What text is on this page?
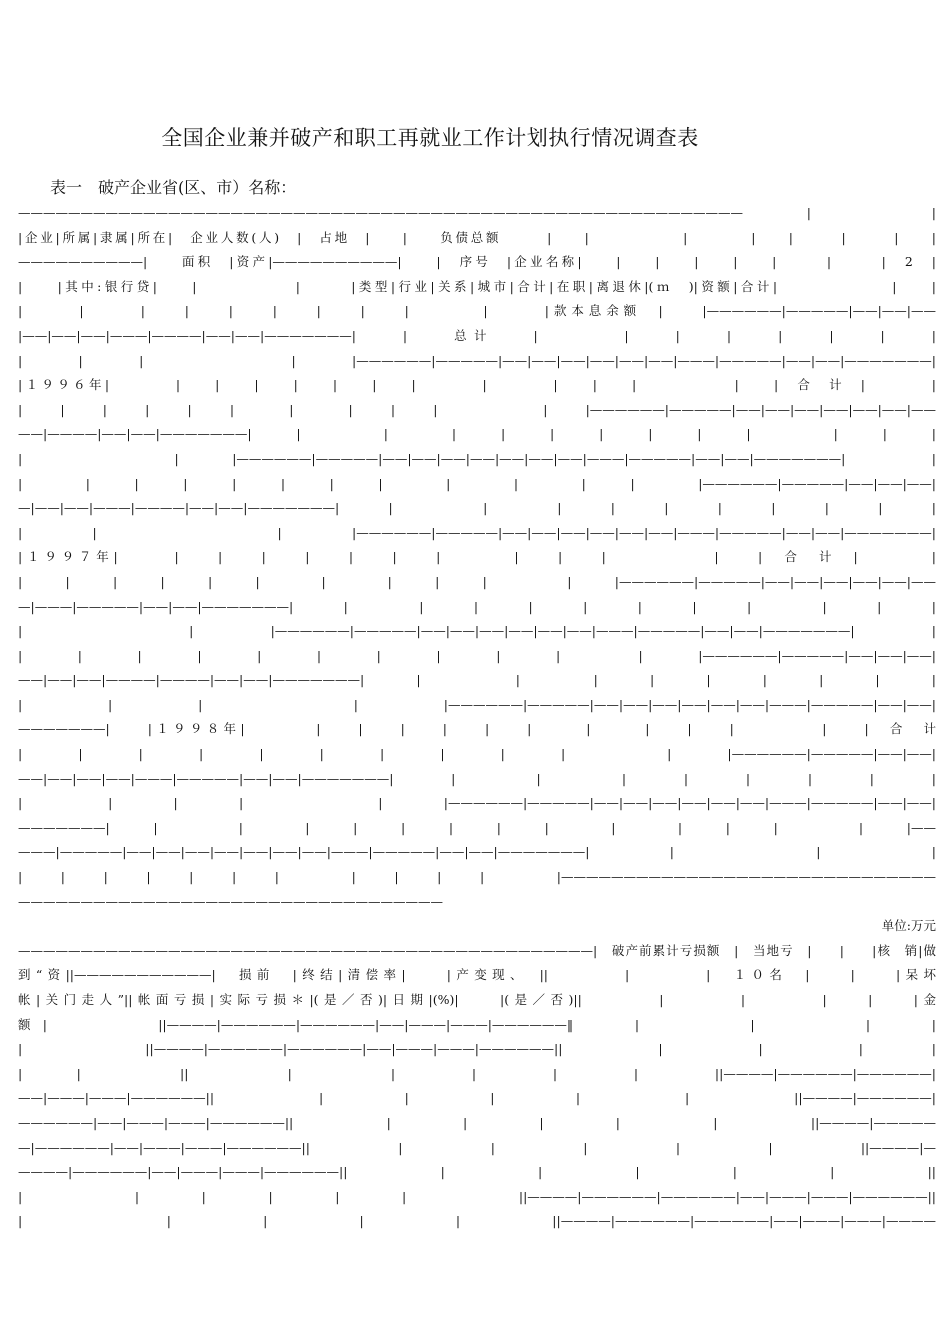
全国企业兼并破产和职工再就业工作计划执行情况调查表
表一　破产企业省(区、市）名称：
——————————————————————————————————————————————————————————　　　|　　　　　　|
|企业|所属|隶属|所在|　企业人数(人)　|　占地　|　　|　　负债总额　　　|　　|　　　　　　|　　　　|　　|　　　|　　　|　　|
——————————|　　面积　|资产|——————————|　　|　序号　|企业名称|　　|　　|　　|　　|　　|　　　|　　　|　2　|
|　　|其中:银行贷|　　|　　　　　　|　　　|类型|行业|关系|城市|合计|在职|离退休|(ｍ　)|资额|合计|　　　　　　　|　　|
|　　　|　　　|　　|　　|　　|　　|　　|　　|　　　　|　　　|款本息余额　|　　|——————|—————|——|——|——
|——|——|——|———|————|——|——|———————|　　|　　总计　　|　　　　|　　|　　|　　|　　|　　|　　|
|　　|　　|　　　　　　|　　|——————|—————|——|——|——|——|——|——|———|—————|——|——|———————|
|１９９６年|　　　　|　　|　　|　　|　　|　　|　　|　　　　|　　　　|　　|　　|　　　　　　|　　|　合　计　|　　　　|
|　　|　　|　　|　　|　　|　　　|　　　|　　|　　|　　　　　　|　　|——————|—————|——|——|——|——|——|——|——
——|————|——|——|———————|　　|　　　　|　　　|　　|　　|　　|　　|　　|　　|　　　　|　　|　　|
|　　　　|　|——————|—————|——|——|——|——|——|——|——|———|—————|——|——|———————|　　|
|　　　|　　|　　|　　|　　|　　|　　|　　　|　　　|　　　|　　|　　　|——————|—————|——|——|——|
—|——|——|———|————|——|——|———————|　　|　　　　|　　　|　　|　　|　　|　　|　　|　　|　　|
|　　|　　　　　　|　　|——————|—————|——|——|——|——|——|——|———|—————|——|——|———————|
|１９９７年|　　　|　　|　　|　　|　　|　　|　　|　　　　|　　|　　|　　　　　　|　　|　合　计　|　　　　|
|　　|　　|　　|　　|　　|　　　|　　　|　　|　　|　　　　|　　|——————|—————|——|——|——|——|——|——
—|———|—————|——|——|———————|　　|　　　|　　|　　|　　|　　|　　|　　|　　　|　　|　　|
|　　　　　|　　|——————|—————|——|——|——|——|——|——|———|—————|——|——|———————|　　|
|　　|　　|　　|　　|　　|　　|　　|　　|　　|　　　|　　|——————|—————|——|——|——|
——|——|——|————|————|——|——|———————|　　|　　　　|　　　|　　|　　|　　|　　|　　|　　|
|　　|　　|　　　　|　　|——————|—————|——|——|——|——|——|——|———|—————|——|——|
———————|　　|１９９８年|　　　　|　　|　　|　　|　　|　　|　　　|　　　|　　|　　|　　　　　|　　|　合　计
|　　|　　|　　|　　|　　|　　|　　|　　|　　|　　　　|　　|——————|—————|——|——|
——|——|——|——|———|—————|——|——|———————|　　|　　　|　　　|　　|　　|　　|　　|　　|
|　　　|　　|　　|　　　　　|　　|——————|—————|——|——|——|——|——|——|———|—————|——|——|
———————|　　|　　　　|　　　|　　|　　|　　|　　|　　|　　　|　　　|　　|　　|　　　　|　　|——
———|—————|——|——|——|——|——|——|——|———|—————|——|——|———————|　　|　　　　|　　　|
|　　|　　|　　|　　|　　|　　|　　　　|　　|　　|　　|　　　　|——————————————————————————————
——————————————————————————————————
单位:万元
——————————————————————————————————————————————|　破产前累计亏损额　|　当地亏　|　　|　　|核　销|做
到“资||———————————|　损前　|终结|清偿率|　　|产变现、　||　　　　|　　　　|　１０名　|　　|　　|呆坏
帐|关门走人”||帐面亏损|实际亏损＊|(是／否)|日期|(%)|　　|(是／否)||　　　　|　　　　|　　　　|　　|　　|金
额|　　　　||————|——————|——————|——|———|———|——————‖　　|　　　　|　　　　|　　|
|　　　　||————|——————|——————|——|———|———|——————||　　　|　　　|　　　|　　|
|　　|　　　　||　　　　|　　　　|　　　|　　　|　　　|　　　||————|——————|——————|
——|———|———|——————||　　　　|　　　|　　　|　　　|　　　　|　　　　||————|——————|
——————|——|———|———|——————||　　　　|　　　|　　　|　　　|　　　　|　　　　||————|—————
—|——————|——|———|———|——————||　　　|　　　|　　　|　　　|　　　|　　　||————|—
————|——————|——|———|———|——————||　　　|　　　|　　　|　　　|　　　|　　　||
|　　　　|　　|　　|　　|　　|　　　　||————|——————|——————|——|———|———|——————||
|　　　　　|　　　|　　　|　　　|　　　||————|——————|——————|——|———|———|————
